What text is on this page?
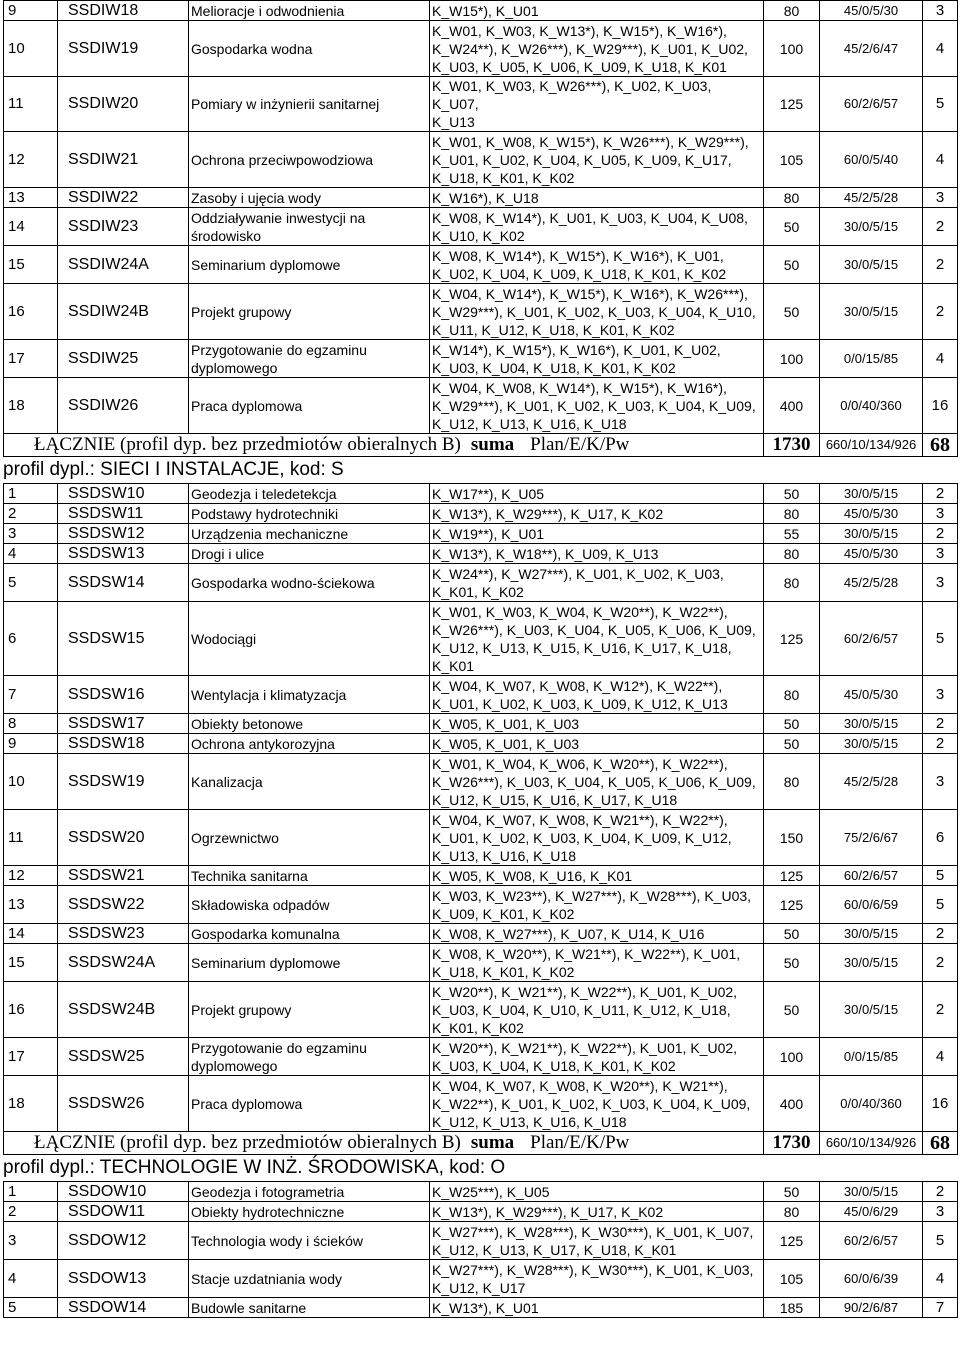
9	SSDIW18	Melioracje i odwodnienia	K_W15*), K_U01	80	45/0/5/30	3
10	SSDIW19	Gospodarka wodna	K_W01, K_W03, K_W13*), K_W15*), K_W16*),
K_W24**), K_W26***), K_W29***), K_U01, K_U02,
K_U03, K_U05, K_U06, K_U09, K_U18, K_K01	100	45/2/6/47	4
11	SSDIW20	Pomiary w inżynierii sanitarnej	K_W01, K_W03, K_W26***), K_U02, K_U03, K_U07,
K_U13	125	60/2/6/57	5
12	SSDIW21	Ochrona przeciwpowodziowa	K_W01, K_W08, K_W15*), K_W26***), K_W29***),
K_U01, K_U02, K_U04, K_U05, K_U09, K_U17,
K_U18, K_K01, K_K02	105	60/0/5/40	4
13	SSDIW22	Zasoby i ujęcia wody	K_W16*), K_U18	80	45/2/5/28	3
14	SSDIW23	Oddziaływanie inwestycji na
środowisko	K_W08, K_W14*), K_U01, K_U03, K_U04, K_U08,
K_U10, K_K02	50	30/0/5/15	2
15	SSDIW24A	Seminarium dyplomowe	K_W08, K_W14*), K_W15*), K_W16*), K_U01,
K_U02, K_U04, K_U09, K_U18, K_K01, K_K02	50	30/0/5/15	2
16	SSDIW24B	Projekt grupowy	K_W04, K_W14*), K_W15*), K_W16*), K_W26***),
K_W29***), K_U01, K_U02, K_U03, K_U04, K_U10,
K_U11, K_U12, K_U18, K_K01, K_K02	50	30/0/5/15	2
17	SSDIW25	Przygotowanie do egzaminu
dyplomowego	K_W14*), K_W15*), K_W16*), K_U01, K_U02,
K_U03, K_U04, K_U18, K_K01, K_K02	100	0/0/15/85	4
18	SSDIW26	Praca dyplomowa	K_W04, K_W08, K_W14*), K_W15*), K_W16*),
K_W29***), K_U01, K_U02, K_U03, K_U04, K_U09,
K_U12, K_U13, K_U16, K_U18	400	0/0/40/360	16
ŁĄCZNIE (profil dyp. bez przedmiotów obieralnych B) suma Plan/E/K/Pw				1730	660/10/134/926	68
profil dypl.: SIECI I INSTALACJE, kod: S
1	SSDSW10	Geodezja i teledetekcja	K_W17**), K_U05	50	30/0/5/15	2
2	SSDSW11	Podstawy hydrotechniki	K_W13*), K_W29***), K_U17, K_K02	80	45/0/5/30	3
3	SSDSW12	Urządzenia mechaniczne	K_W19**), K_U01	55	30/0/5/15	2
4	SSDSW13	Drogi i ulice	K_W13*), K_W18**), K_U09, K_U13	80	45/0/5/30	3
5	SSDSW14	Gospodarka wodno-ściekowa	K_W24**), K_W27***), K_U01, K_U02, K_U03,
K_K01, K_K02	80	45/2/5/28	3
6	SSDSW15	Wodociągi	K_W01, K_W03, K_W04, K_W20**), K_W22**),
K_W26***), K_U03, K_U04, K_U05, K_U06, K_U09,
K_U12, K_U13, K_U15, K_U16, K_U17, K_U18,
K_K01	125	60/2/6/57	5
7	SSDSW16	Wentylacja i klimatyzacja	K_W04, K_W07, K_W08, K_W12*), K_W22**),
K_U01, K_U02, K_U03, K_U09, K_U12, K_U13	80	45/0/5/30	3
8	SSDSW17	Obiekty betonowe	K_W05, K_U01, K_U03	50	30/0/5/15	2
9	SSDSW18	Ochrona antykorozyjna	K_W05, K_U01, K_U03	50	30/0/5/15	2
10	SSDSW19	Kanalizacja	K_W01, K_W04, K_W06, K_W20**), K_W22**),
K_W26***), K_U03, K_U04, K_U05, K_U06, K_U09,
K_U12, K_U15, K_U16, K_U17, K_U18	80	45/2/5/28	3
11	SSDSW20	Ogrzewnictwo	K_W04, K_W07, K_W08, K_W21**), K_W22**),
K_U01, K_U02, K_U03, K_U04, K_U09, K_U12,
K_U13, K_U16, K_U18	150	75/2/6/67	6
12	SSDSW21	Technika sanitarna	K_W05, K_W08, K_U16, K_K01	125	60/2/6/57	5
13	SSDSW22	Składowiska odpadów	K_W03, K_W23**), K_W27***), K_W28***), K_U03,
K_U09, K_K01, K_K02	125	60/0/6/59	5
14	SSDSW23	Gospodarka komunalna	K_W08, K_W27***), K_U07, K_U14, K_U16	50	30/0/5/15	2
15	SSDSW24A	Seminarium dyplomowe	K_W08, K_W20**), K_W21**), K_W22**), K_U01,
K_U18, K_K01, K_K02	50	30/0/5/15	2
16	SSDSW24B	Projekt grupowy	K_W20**), K_W21**), K_W22**), K_U01, K_U02,
K_U03, K_U04, K_U10, K_U11, K_U12, K_U18,
K_K01, K_K02	50	30/0/5/15	2
17	SSDSW25	Przygotowanie do egzaminu
dyplomowego	K_W20**), K_W21**), K_W22**), K_U01, K_U02,
K_U03, K_U04, K_U18, K_K01, K_K02	100	0/0/15/85	4
18	SSDSW26	Praca dyplomowa	K_W04, K_W07, K_W08, K_W20**), K_W21**),
K_W22**), K_U01, K_U02, K_U03, K_U04, K_U09,
K_U12, K_U13, K_U16, K_U18	400	0/0/40/360	16
ŁĄCZNIE (profil dyp. bez przedmiotów obieralnych B) suma Plan/E/K/Pw				1730	660/10/134/926	68
profil dypl.: TECHNOLOGIE W INŻ. ŚRODOWISKA, kod: O
1	SSDOW10	Geodezja i fotogrametria	K_W25***), K_U05	50	30/0/5/15	2
2	SSDOW11	Obiekty hydrotechniczne	K_W13*), K_W29***), K_U17, K_K02	80	45/0/6/29	3
3	SSDOW12	Technologia wody i ścieków	K_W27***), K_W28***), K_W30***), K_U01, K_U07,
K_U12, K_U13, K_U17, K_U18, K_K01	125	60/2/6/57	5
4	SSDOW13	Stacje uzdatniania wody	K_W27***), K_W28***), K_W30***), K_U01, K_U03,
K_U12, K_U17	105	60/0/6/39	4
5	SSDOW14	Budowle sanitarne	K_W13*), K_U01	185	90/2/6/87	7
